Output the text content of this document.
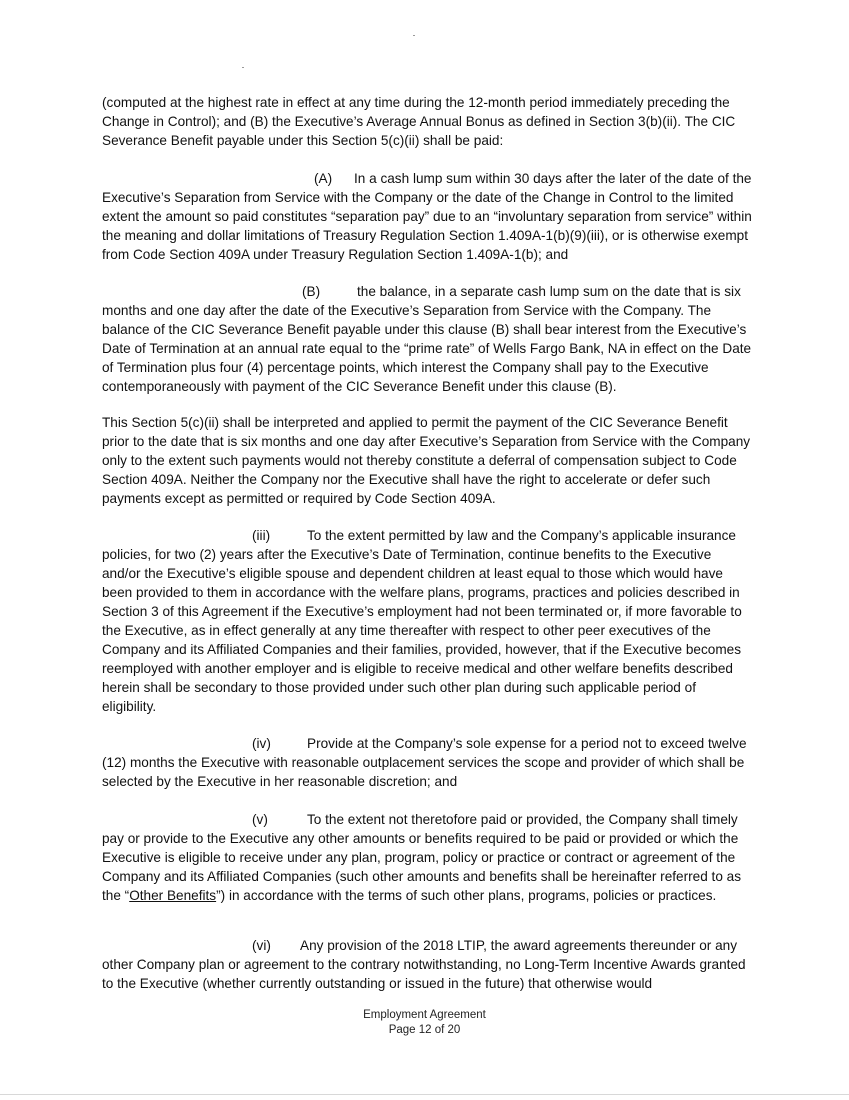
(computed at the highest rate in effect at any time during the 12-month period immediately preceding the Change in Control); and (B) the Executive’s Average Annual Bonus as defined in Section 3(b)(ii). The CIC Severance Benefit payable under this Section 5(c)(ii) shall be paid:

(A) In a cash lump sum within 30 days after the later of the date of the Executive’s Separation from Service with the Company or the date of the Change in Control to the limited extent the amount so paid constitutes “separation pay” due to an “involuntary separation from service” within the meaning and dollar limitations of Treasury Regulation Section 1.409A-1(b)(9)(iii), or is otherwise exempt from Code Section 409A under Treasury Regulation Section 1.409A-1(b); and

(B)	the balance, in a separate cash lump sum on the date that is six months and one day after the date of the Executive’s Separation from Service with the Company. The balance of the CIC Severance Benefit payable under this clause (B) shall bear interest from the Executive’s Date of Termination at an annual rate equal to the “prime rate” of Wells Fargo Bank, NA in effect on the Date of Termination plus four (4) percentage points, which interest the Company shall pay to the Executive contemporaneously with payment of the CIC Severance Benefit under this clause (B).

This Section 5(c)(ii) shall be interpreted and applied to permit the payment of the CIC Severance Benefit prior to the date that is six months and one day after Executive’s Separation from Service with the Company only to the extent such payments would not thereby constitute a deferral of compensation subject to Code Section 409A. Neither the Company nor the Executive shall have the right to accelerate or defer such payments except as permitted or required by Code Section 409A.

(iii)	To the extent permitted by law and the Company’s applicable insurance policies, for two (2) years after the Executive’s Date of Termination, continue benefits to the Executive and/or the Executive’s eligible spouse and dependent children at least equal to those which would have been provided to them in accordance with the welfare plans, programs, practices and policies described in Section 3 of this Agreement if the Executive’s employment had not been terminated or, if more favorable to the Executive, as in effect generally at any time thereafter with respect to other peer executives of the Company and its Affiliated Companies and their families, provided, however, that if the Executive becomes reemployed with another employer and is eligible to receive medical and other welfare benefits described herein shall be secondary to those provided under such other plan during such applicable period of eligibility.

(iv)	Provide at the Company’s sole expense for a period not to exceed twelve (12) months the Executive with reasonable outplacement services the scope and provider of which shall be selected by the Executive in her reasonable discretion; and

(v)	To the extent not theretofore paid or provided, the Company shall timely pay or provide to the Executive any other amounts or benefits required to be paid or provided or which the Executive is eligible to receive under any plan, program, policy or practice or contract or agreement of the Company and its Affiliated Companies (such other amounts and benefits shall be hereinafter referred to as the “Other Benefits”) in accordance with the terms of such other plans, programs, policies or practices.

(vi) Any provision of the 2018 LTIP, the award agreements thereunder or any other Company plan or agreement to the contrary notwithstanding, no Long-Term Incentive Awards granted to the Executive (whether currently outstanding or issued in the future) that otherwise would

Employment Agreement
Page 12 of 20
